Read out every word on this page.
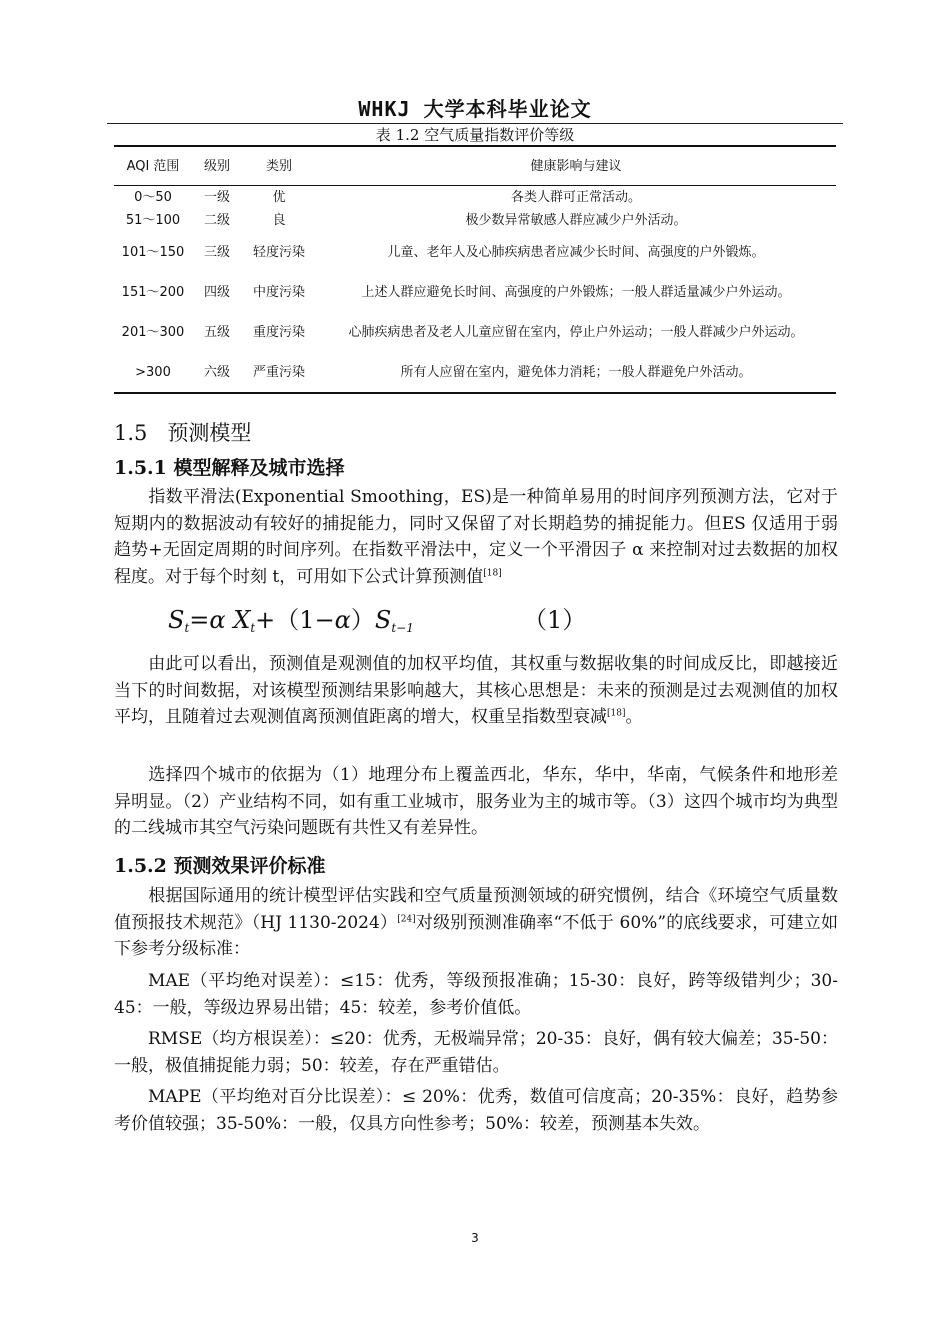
WHKJ 大学本科毕业论文
表 1.2 空气质量指数评价等级
AQI 范围	级别	类别	健康影响与建议
0～50	一级	优	各类人群可正常活动。
51～100	二级	良	极少数异常敏感人群应减少户外活动。
101～150	三级	轻度污染	儿童、老年人及心肺疾病患者应减少长时间、高强度的户外锻炼。
151～200	四级	中度污染	上述人群应避免长时间、高强度的户外锻炼；一般人群适量减少户外运动。
201～300	五级	重度污染	心肺疾病患者及老人儿童应留在室内，停止户外运动；一般人群减少户外运动。
>300	六级	严重污染	所有人应留在室内，避免体力消耗；一般人群避免户外活动。
1.5 预测模型
1.5.1 模型解释及城市选择
指数平滑法(Exponential Smoothing，ES)是一种简单易用的时间序列预测方法，它对于短期内的数据波动有较好的捕捉能力，同时又保留了对长期趋势的捕捉能力。但ES 仅适用于弱趋势+无固定周期的时间序列。在指数平滑法中，定义一个平滑因子 α 来控制对过去数据的加权程度。对于每个时刻 t，可用如下公式计算预测值[18]
$S_t=\alpha$ $X_t+(1-\alpha)S_{t-1}$	（1）
由此可以看出，预测值是观测值的加权平均值，其权重与数据收集的时间成反比，即越接近当下的时间数据，对该模型预测结果影响越大，其核心思想是：未来的预测是过去观测值的加权平均，且随着过去观测值离预测值距离的增大，权重呈指数型衰减[18]。
选择四个城市的依据为（1）地理分布上覆盖西北，华东，华中，华南，气候条件和地形差异明显。（2）产业结构不同，如有重工业城市，服务业为主的城市等。（3）这四个城市均为典型的二线城市其空气污染问题既有共性又有差异性。
1.5.2 预测效果评价标准
根据国际通用的统计模型评估实践和空气质量预测领域的研究惯例，结合《环境空气质量数值预报技术规范》（HJ 1130-2024）[24]对级别预测准确率“不低于 60%”的底线要求，可建立如下参考分级标准：
MAE（平均绝对误差）：≤15：优秀，等级预报准确；15-30：良好，跨等级错判少；30-45：一般，等级边界易出错；45：较差，参考价值低。
RMSE（均方根误差）：≤20：优秀，无极端异常；20-35：良好，偶有较大偏差；35-50：一般，极值捕捉能力弱；50：较差，存在严重错估。
MAPE（平均绝对百分比误差）：≤ 20%：优秀，数值可信度高；20-35%：良好，趋势参考价值较强；35-50%：一般，仅具方向性参考；50%：较差，预测基本失效。
3
